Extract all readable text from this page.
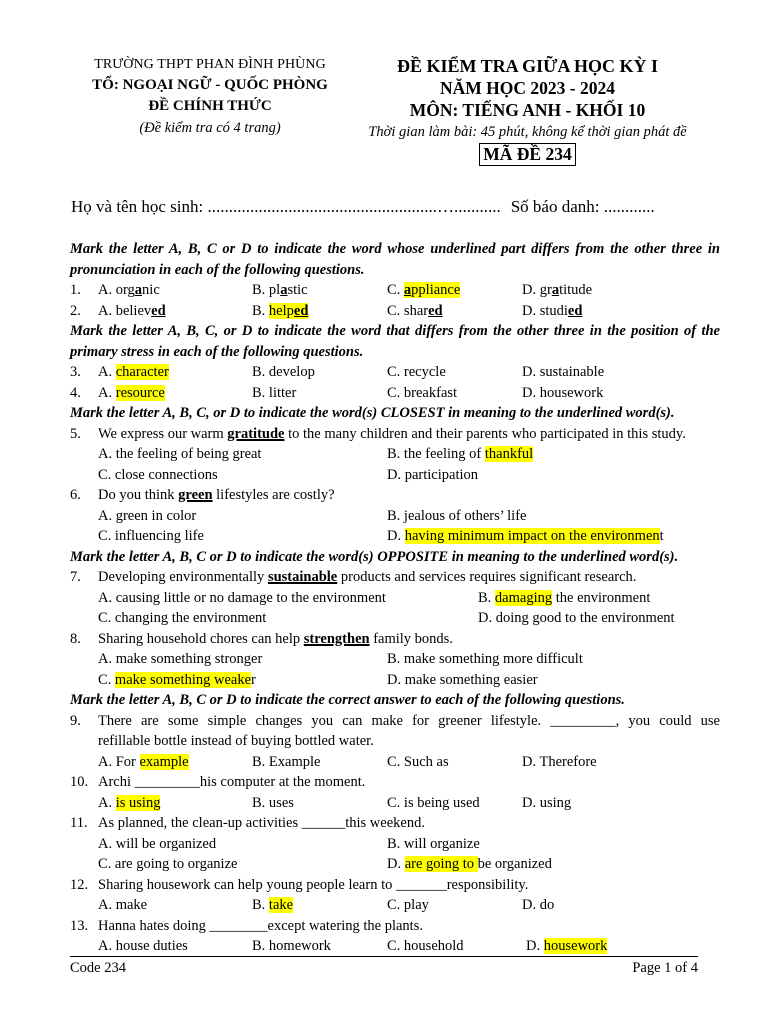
TRƯỜNG THPT PHAN ĐÌNH PHÙNG
TỔ: NGOẠI NGỮ - QUỐC PHÒNG
ĐỀ CHÍNH THỨC
(Đề kiểm tra có 4 trang)
ĐỀ KIỂM TRA GIỮA HỌC KỲ I
NĂM HỌC 2023 - 2024
MÔN: TIẾNG ANH - KHỐI 10
Thời gian làm bài: 45 phút, không kể thời gian phát đề
MÃ ĐỀ 234
Họ và tên học sinh: ......................................................…........... Số báo danh: ............
Mark the letter A, B, C or D to indicate the word whose underlined part differs from the other three in pronunciation in each of the following questions.
1. A. organic	B. plastic	C. appliance	D. gratitude
2. A. believed	B. helped	C. shared	D. studied
Mark the letter A, B, C, or D to indicate the word that differs from the other three in the position of the primary stress in each of the following questions.
3. A. character	B. develop	C. recycle	D. sustainable
4. A. resource	B. litter	C. breakfast	D. housework
Mark the letter A, B, C, or D to indicate the word(s) CLOSEST in meaning to the underlined word(s).
5. We express our warm gratitude to the many children and their parents who participated in this study.
A. the feeling of being great	B. the feeling of thankful
C. close connections	D. participation
6. Do you think green lifestyles are costly?
A. green in color	B. jealous of others’ life
C. influencing life	D. having minimum impact on the environment
Mark the letter A, B, C or D to indicate the word(s) OPPOSITE in meaning to the underlined word(s).
7. Developing environmentally sustainable products and services requires significant research.
A. causing little or no damage to the environment	B. damaging the environment
C. changing the environment	D. doing good to the environment
8. Sharing household chores can help strengthen family bonds.
A. make something stronger	B. make something more difficult
C. make something weaker	D. make something easier
Mark the letter A, B, C or D to indicate the correct answer to each of the following questions.
9. There are some simple changes you can make for greener lifestyle. _________, you could use
refillable bottle instead of buying bottled water.
A. For example	B. Example	C. Such as	D. Therefore
10. Archi _________his computer at the moment.
A. is using	B. uses	C. is being used	D. using
11. As planned, the clean-up activities ______this weekend.
A. will be organized	B. will organize
C. are going to organize	D. are going to be organized
12. Sharing housework can help young people learn to _______responsibility.
A. make	B. take	C. play	D. do
13. Hanna hates doing ________except watering the plants.
A. house duties	B. homework	C. household	D. housework
Code 234	Page 1 of 4
